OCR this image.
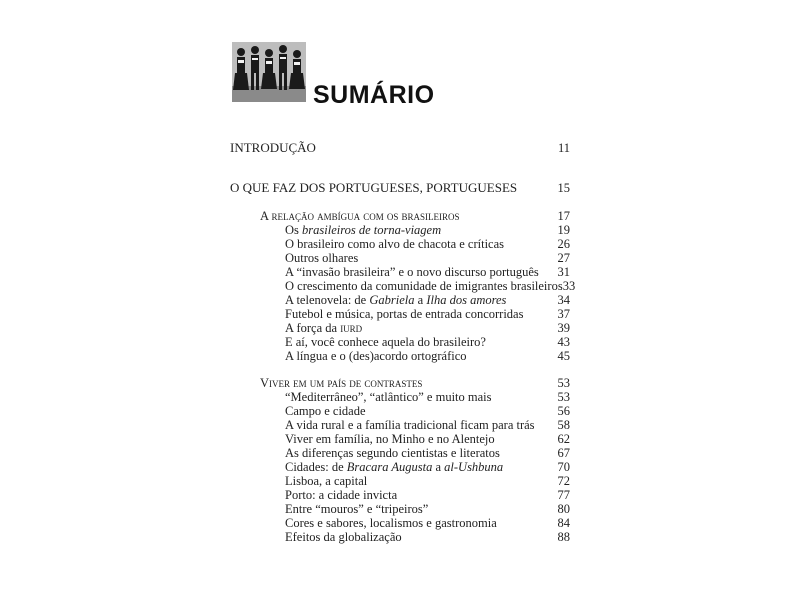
SUMÁRIO
INTRODUÇÃO	11
O QUE FAZ DOS PORTUGUESES, PORTUGUESES	15
A relação ambígua com os brasileiros	17
Os brasileiros de torna-viagem	19
O brasileiro como alvo de chacota e críticas	26
Outros olhares	27
A “invasão brasileira” e o novo discurso português 31
O crescimento da comunidade de imigrantes brasileiros 33
A telenovela: de Gabriela a Ilha dos amores	34
Futebol e música, portas de entrada concorridas	37
A força da iurd	39
E aí, você conhece aquela do brasileiro?	43
A língua e o (des)acordo ortográfico	45
Viver em um país de contrastes	53
“Mediterrâneo”, “atlântico” e muito mais	53
Campo e cidade	56
A vida rural e a família tradicional ficam para trás 58
Viver em família, no Minho e no Alentejo	62
As diferenças segundo cientistas e literatos	67
Cidades: de Bracara Augusta a al-Ushbuna	70
Lisboa, a capital	72
Porto: a cidade invicta	77
Entre “mouros” e “tripeiros”	80
Cores e sabores, localismos e gastronomia	84
Efeitos da globalização	88
